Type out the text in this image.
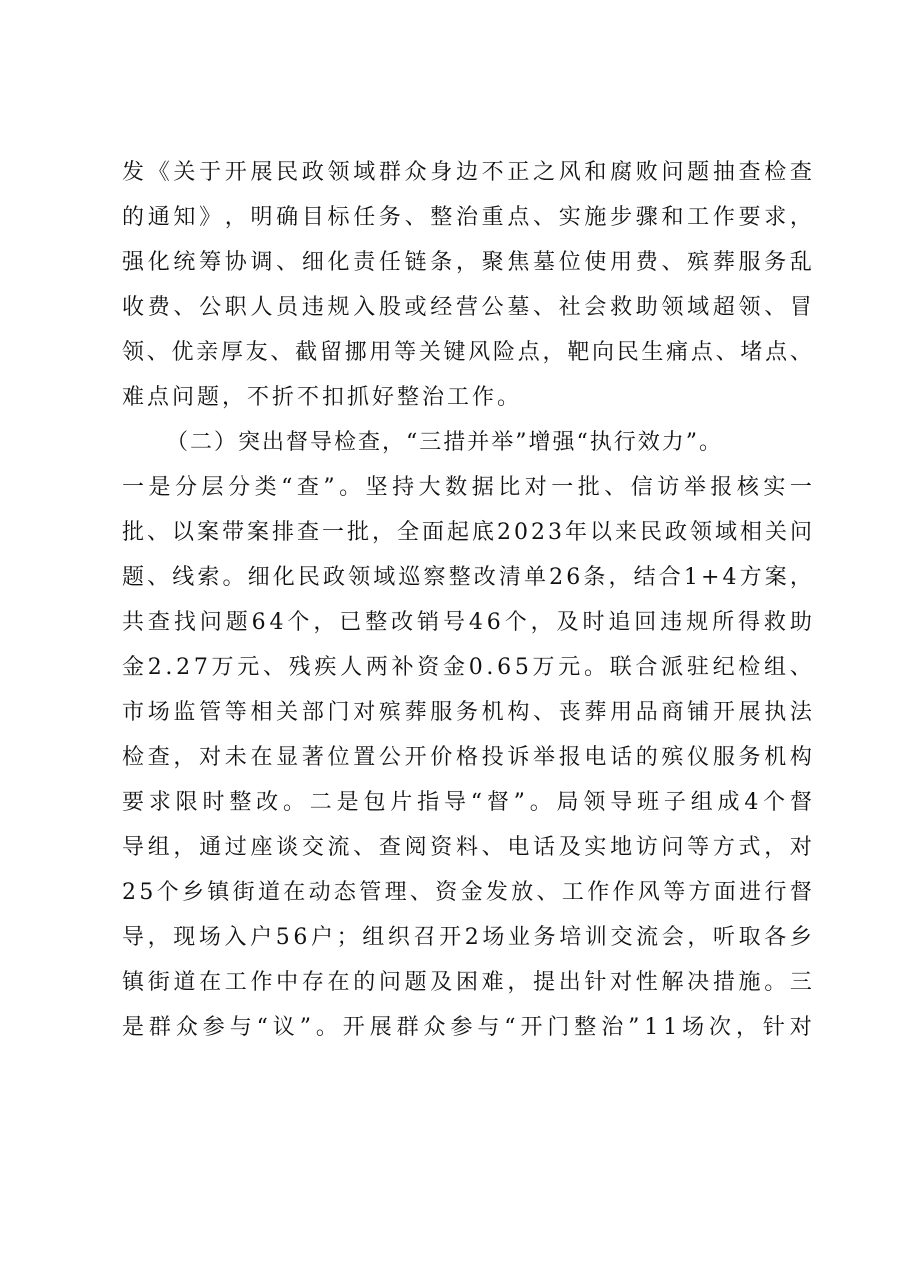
发 《 关 于 开 展 民 政 领 域 群 众 身 边 不 正 之 风 和 腐 败 问 题 抽 查 检 查
的 通 知 》 ， 明 确 目 标 任 务 、 整 治 重 点 、 实 施 步 骤 和 工 作 要 求 ，
强 化 统 筹 协 调 、 细 化 责 任 链 条 ， 聚 焦 墓 位 使 用 费 、 殡 葬 服 务 乱
收 费 、 公 职 人 员 违 规 入 股 或 经 营 公 墓 、 社 会 救 助 领 域 超 领 、 冒
领 、 优 亲 厚 友 、 截 留 挪 用 等 关 键 风 险 点 ， 靶 向 民 生 痛 点 、 堵 点 、
难点问题，不折不扣抓好整治工作。
（二）突出督导检查，“三措并举”增强“执行效力”。
一 是 分 层 分 类 “ 查 ” 。 坚 持 大 数 据 比 对 一 批 、 信 访 举 报 核 实 一
批 、 以 案 带 案 排 查 一 批 ， 全 面 起 底 2 0 2 3 年 以 来 民 政 领 域 相 关 问
题 、 线 索 。 细 化 民 政 领 域 巡 察 整 改 清 单 2 6 条 ， 结 合 1 + 4 方 案 ，
共 查 找 问 题 6 4 个 ， 已 整 改 销 号 4 6 个 ， 及 时 追 回 违 规 所 得 救 助
金 2 . 2 7 万 元 、 残 疾 人 两 补 资 金 0 . 6 5 万 元 。 联 合 派 驻 纪 检 组 、
市 场 监 管 等 相 关 部 门 对 殡 葬 服 务 机 构 、 丧 葬 用 品 商 铺 开 展 执 法
检 查 ， 对 未 在 显 著 位 置 公 开 价 格 投 诉 举 报 电 话 的 殡 仪 服 务 机 构
要 求 限 时 整 改 。 二 是 包 片 指 导 “ 督 ” 。 局 领 导 班 子 组 成 4 个 督
导 组 ， 通 过 座 谈 交 流 、 查 阅 资 料 、 电 话 及 实 地 访 问 等 方 式 ， 对
2 5 个 乡 镇 街 道 在 动 态 管 理 、 资 金 发 放 、 工 作 作 风 等 方 面 进 行 督
导 ， 现 场 入 户 5 6 户 ； 组 织 召 开 2 场 业 务 培 训 交 流 会 ， 听 取 各 乡
镇 街 道 在 工 作 中 存 在 的 问 题 及 困 难 ， 提 出 针 对 性 解 决 措 施 。 三
是 群 众 参 与 “ 议 ” 。 开 展 群 众 参 与 “ 开 门 整 治 ” 1 1 场 次 ， 针 对
